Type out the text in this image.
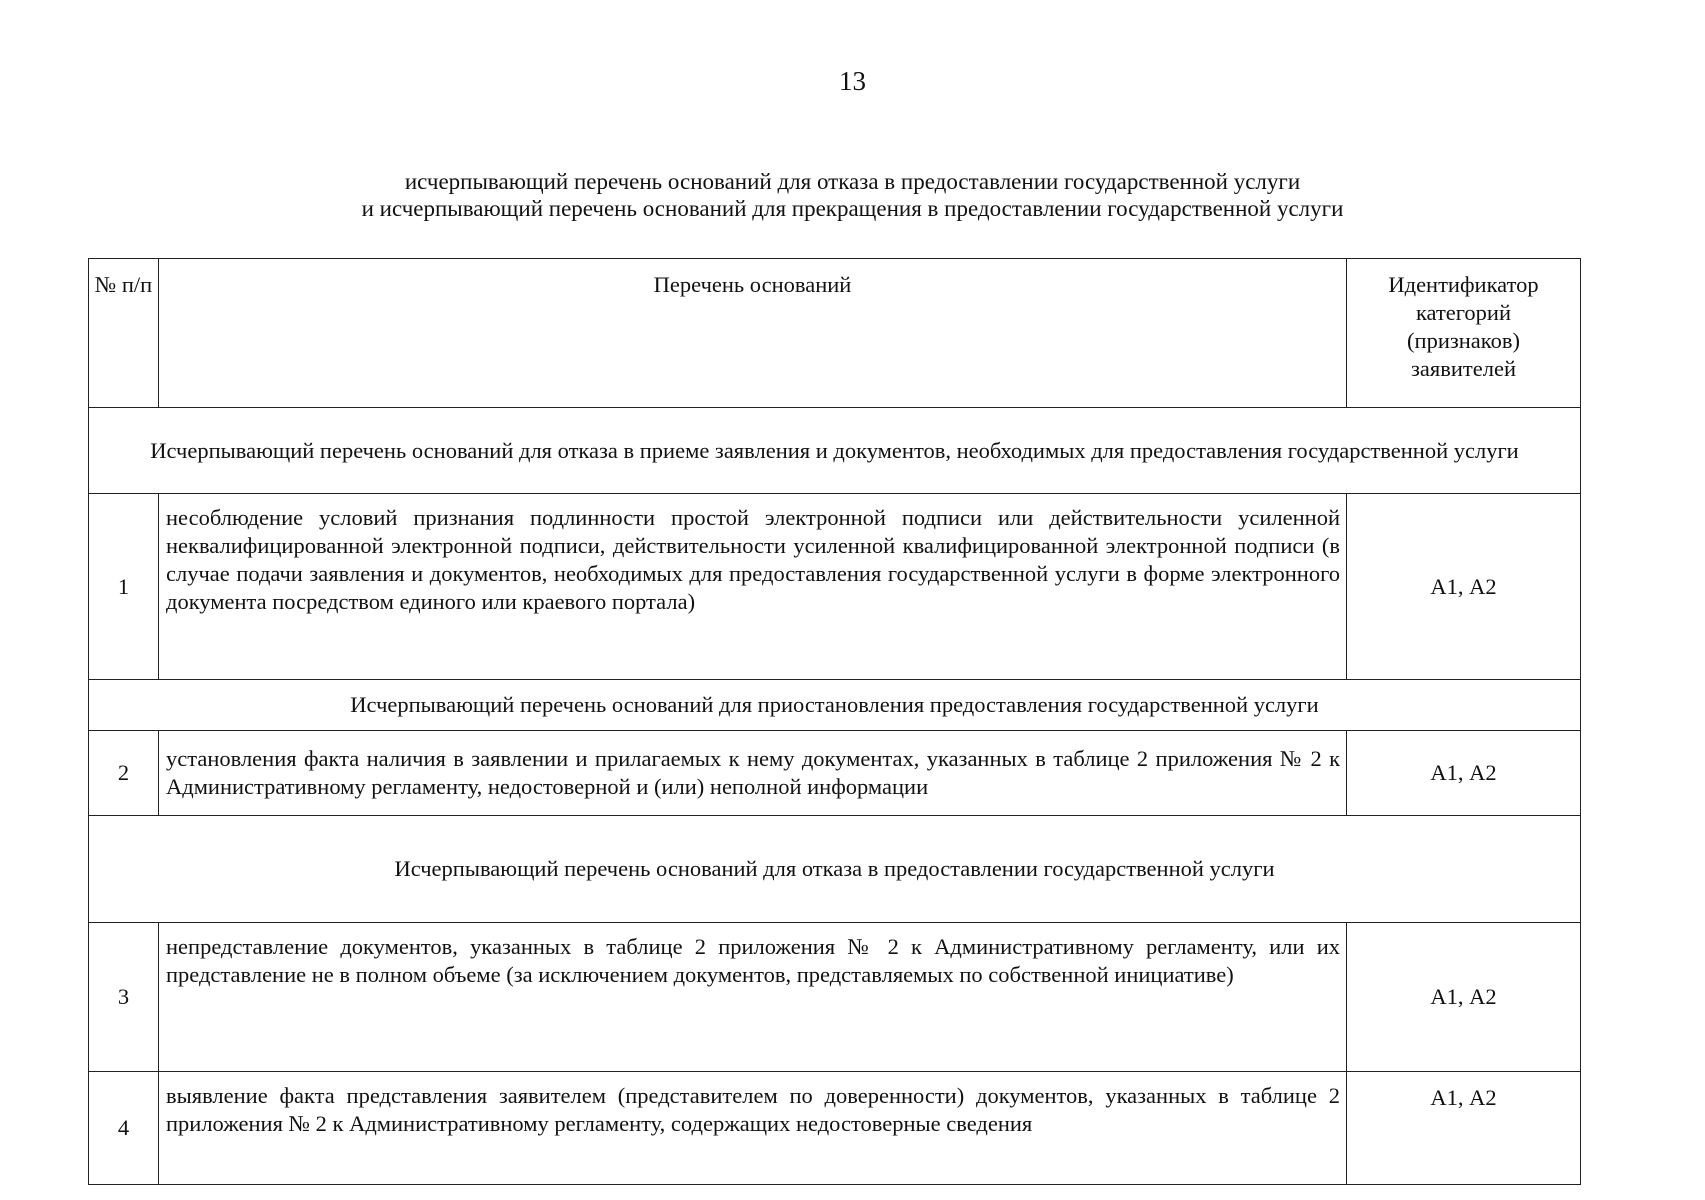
13
исчерпывающий перечень оснований для отказа в предоставлении государственной услуги
и исчерпывающий перечень оснований для прекращения в предоставлении государственной услуги
№ п/п	Перечень оснований	Идентификатор категорий (признаков) заявителей
Исчерпывающий перечень оснований для отказа в приеме заявления и документов, необходимых для предоставления государственной услуги		
1	несоблюдение условий признания подлинности простой электронной подписи или действительности усиленной неквалифицированной электронной подписи, действительности усиленной квалифицированной электронной подписи (в случае подачи заявления и документов, необходимых для предоставления государственной услуги в форме электронного документа посредством единого или краевого портала)	А1, А2
Исчерпывающий перечень оснований для приостановления предоставления государственной услуги		
2	установления факта наличия в заявлении и прилагаемых к нему документах, указанных в таблице 2 приложения № 2 к Административному регламенту, недостоверной и (или) неполной информации	А1, А2
Исчерпывающий перечень оснований для отказа в предоставлении государственной услуги		
3	непредставление документов, указанных в таблице 2 приложения № 2 к Административному регламенту, или их представление не в полном объеме (за исключением документов, представляемых по собственной инициативе)	А1, А2
4	выявление факта представления заявителем (представителем по доверенности) документов, указанных в таблице 2 приложения № 2 к Административному регламенту, содержащих недостоверные сведения	А1, А2
